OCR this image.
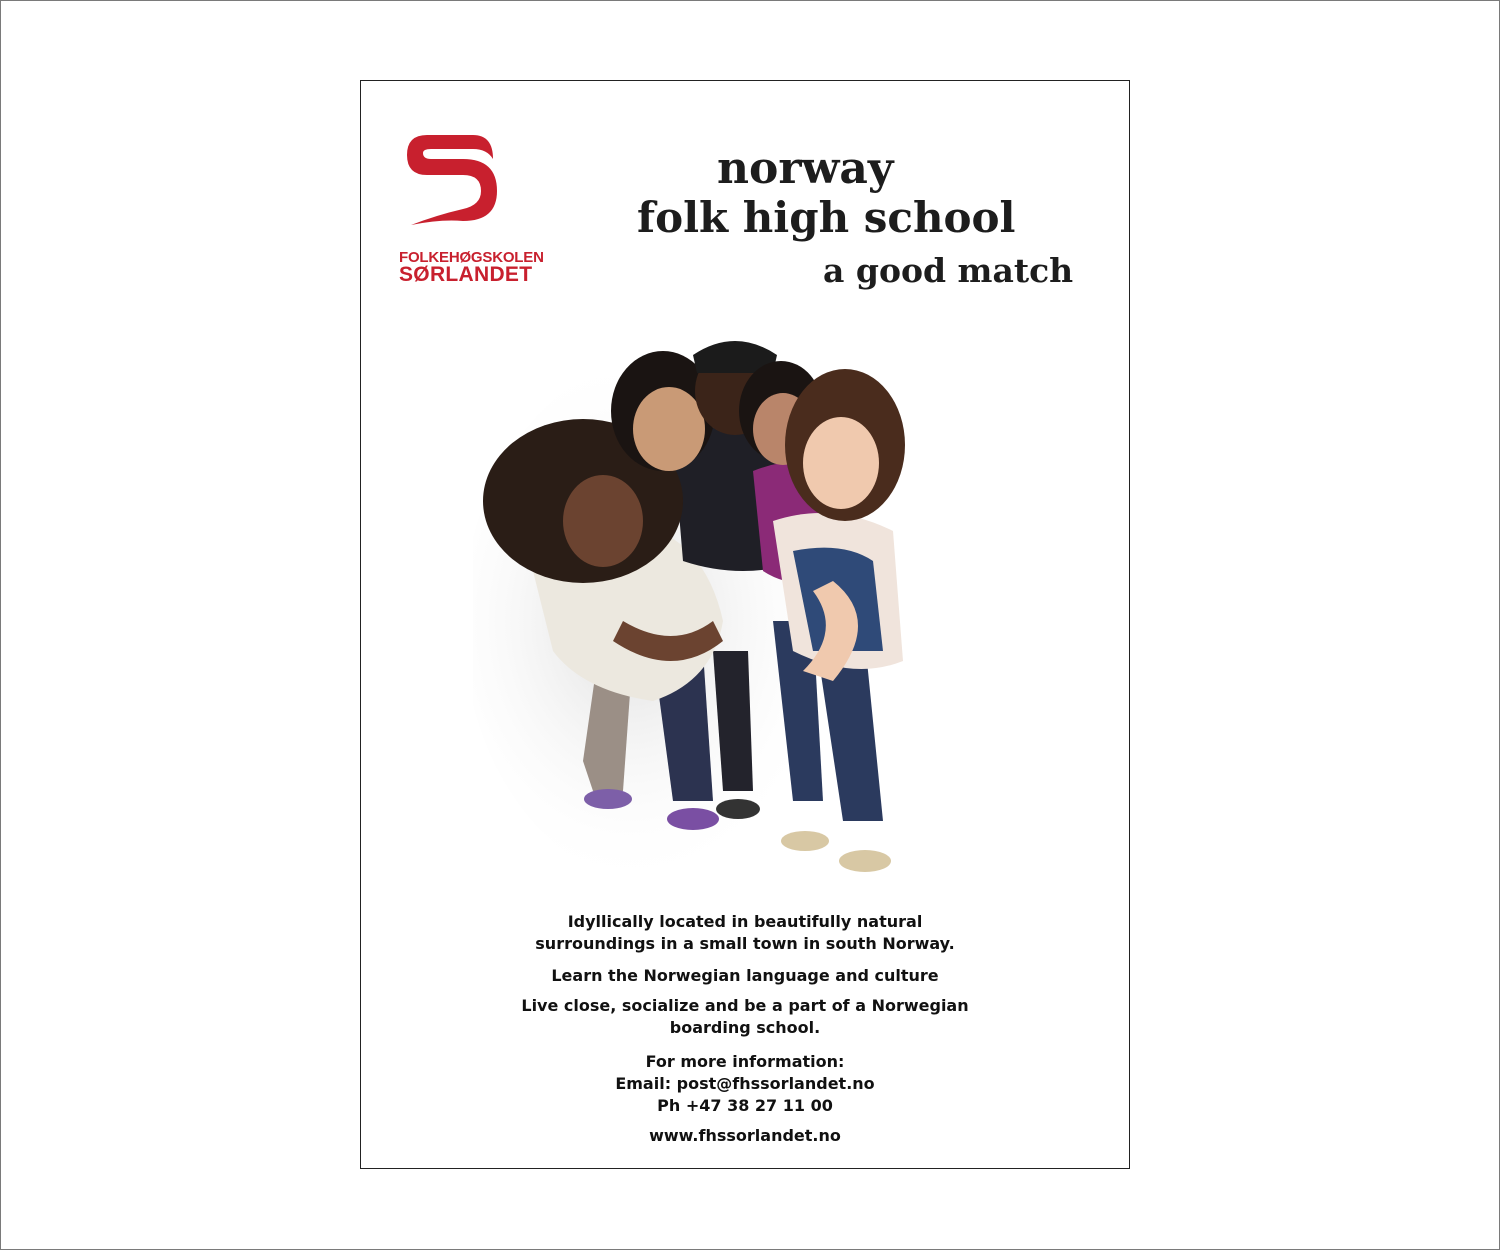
FOLKEHØGSKOLEN
SØRLANDET
norway
folk high school
a good match
Idyllically located in beautifully natural
surroundings in a small town in south Norway.
Learn the Norwegian language and culture
Live close, socialize and be a part of a Norwegian
boarding school.
For more information:
Email: post@fhssorlandet.no
Ph +47 38 27 11 00
www.fhssorlandet.no
